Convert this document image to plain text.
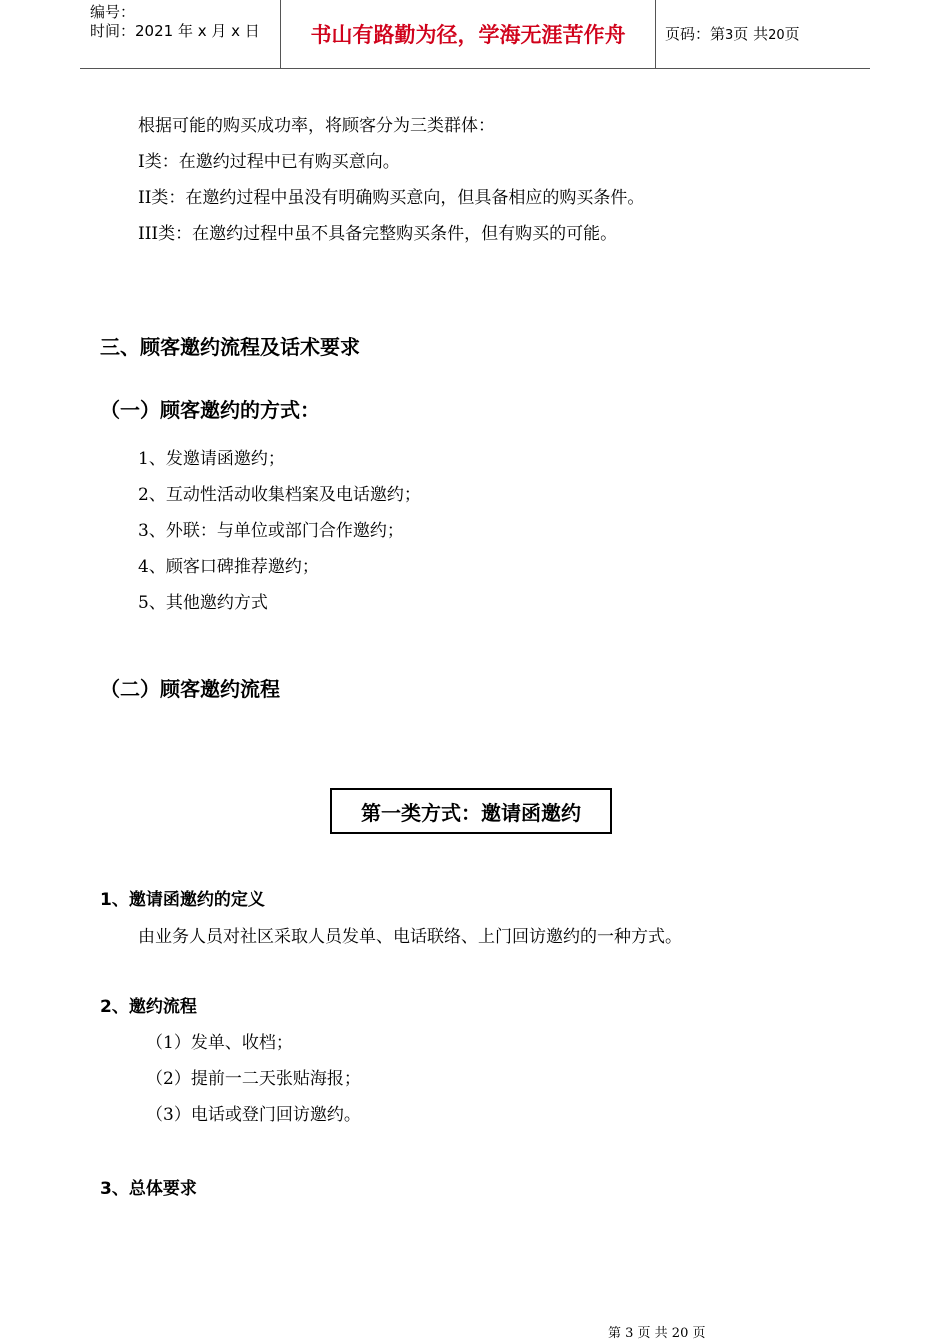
编号：
时间：2021 年 x 月 x 日	书山有路勤为径，学海无涯苦作舟	页码：第3页 共20页
根据可能的购买成功率，将顾客分为三类群体：
I类：在邀约过程中已有购买意向。
II类：在邀约过程中虽没有明确购买意向，但具备相应的购买条件。
III类：在邀约过程中虽不具备完整购买条件，但有购买的可能。
三、顾客邀约流程及话术要求
（一）顾客邀约的方式：
1、发邀请函邀约；
2、互动性活动收集档案及电话邀约；
3、外联：与单位或部门合作邀约；
4、顾客口碑推荐邀约；
5、其他邀约方式
（二）顾客邀约流程
第一类方式：邀请函邀约
1、邀请函邀约的定义
由业务人员对社区采取人员发单、电话联络、上门回访邀约的一种方式。
2、邀约流程
（1）发单、收档；
（2）提前一二天张贴海报；
（3）电话或登门回访邀约。
3、总体要求
第 3 页 共 20 页
